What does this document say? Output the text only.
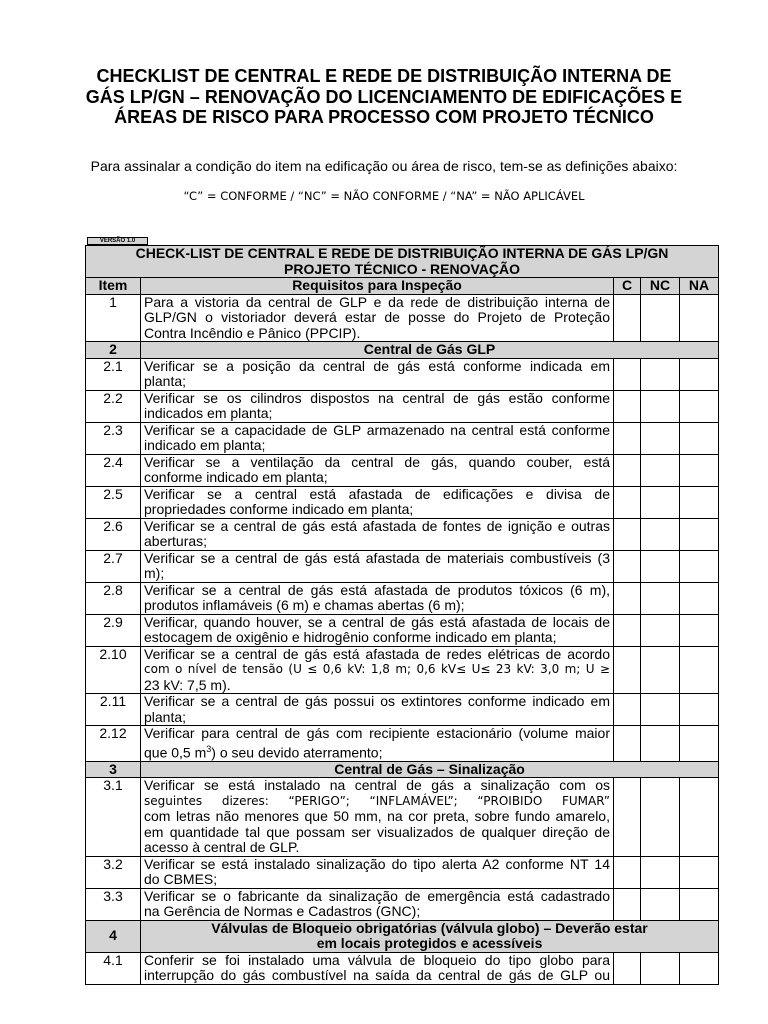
CHECKLIST DE CENTRAL E REDE DE DISTRIBUIÇÃO INTERNA DE
GÁS LP/GN – RENOVAÇÃO DO LICENCIAMENTO DE EDIFICAÇÕES E
ÁREAS DE RISCO PARA PROCESSO COM PROJETO TÉCNICO

Para assinalar a condição do item na edificação ou área de risco, tem-se as definições abaixo:

“C” = CONFORME / “NC” = NÃO CONFORME / “NA” = NÃO APLICÁVEL

VERSÃO 1.0
CHECK-LIST DE CENTRAL E REDE DE DISTRIBUIÇÃO INTERNA DE GÁS LP/GN
PROJETO TÉCNICO - RENOVAÇÃO				

Item	Requisitos para Inspeção	C	NC	NA
1	Para a vistoria da central de GLP e da rede de distribuição interna de
GLP/GN o vistoriador deverá estar de posse do Projeto de Proteção
Contra Incêndio e Pânico (PPCIP).			

2	Central de Gás GLP			
2.1	Verificar se a posição da central de gás está conforme indicada em
planta;			

2.2	Verificar se os cilindros dispostos na central de gás estão conforme
indicados em planta;			

2.3	Verificar se a capacidade de GLP armazenado na central está conforme
indicado em planta;			

2.4	Verificar se a ventilação da central de gás, quando couber, está
conforme indicado em planta;			

2.5	Verificar se a central está afastada de edificações e divisa de
propriedades conforme indicado em planta;			

2.6	Verificar se a central de gás está afastada de fontes de ignição e outras
aberturas;			

2.7	Verificar se a central de gás está afastada de materiais combustíveis (3
m);			

2.8	Verificar se a central de gás está afastada de produtos tóxicos (6 m),
produtos inflamáveis (6 m) e chamas abertas (6 m);			

2.9	Verificar, quando houver, se a central de gás está afastada de locais de
estocagem de oxigênio e hidrogênio conforme indicado em planta;			

2.10	Verificar se a central de gás está afastada de redes elétricas de acordo
com o nível de tensão (U ≤ 0,6 kV: 1,8 m; 0,6 kV≤ U≤ 23 kV: 3,0 m; U ≥
23 kV: 7,5 m).			

2.11	Verificar se a central de gás possui os extintores conforme indicado em
planta;			

2.12	Verificar para central de gás com recipiente estacionário (volume maior
que 0,5 $m^3$) o seu devido aterramento;			

3	Central de Gás – Sinalização			
3.1	Verificar se está instalado na central de gás a sinalização com os
seguintes dizeres: “PERIGO”; “INFLAMÁVEL”; “PROIBIDO FUMAR”
com letras não menores que 50 mm, na cor preta, sobre fundo amarelo,
em quantidade tal que possam ser visualizados de qualquer direção de
acesso à central de GLP.			

3.2	Verificar se está instalado sinalização do tipo alerta A2 conforme NT 14
do CBMES;			

3.3	Verificar se o fabricante da sinalização de emergência está cadastrado
na Gerência de Normas e Cadastros (GNC);			

4	Válvulas de Bloqueio obrigatórias (válvula globo) – Deverão estar
em locais protegidos e acessíveis			

4.1	Conferir se foi instalado uma válvula de bloqueio do tipo globo para
interrupção do gás combustível na saída da central de gás de GLP ou			
